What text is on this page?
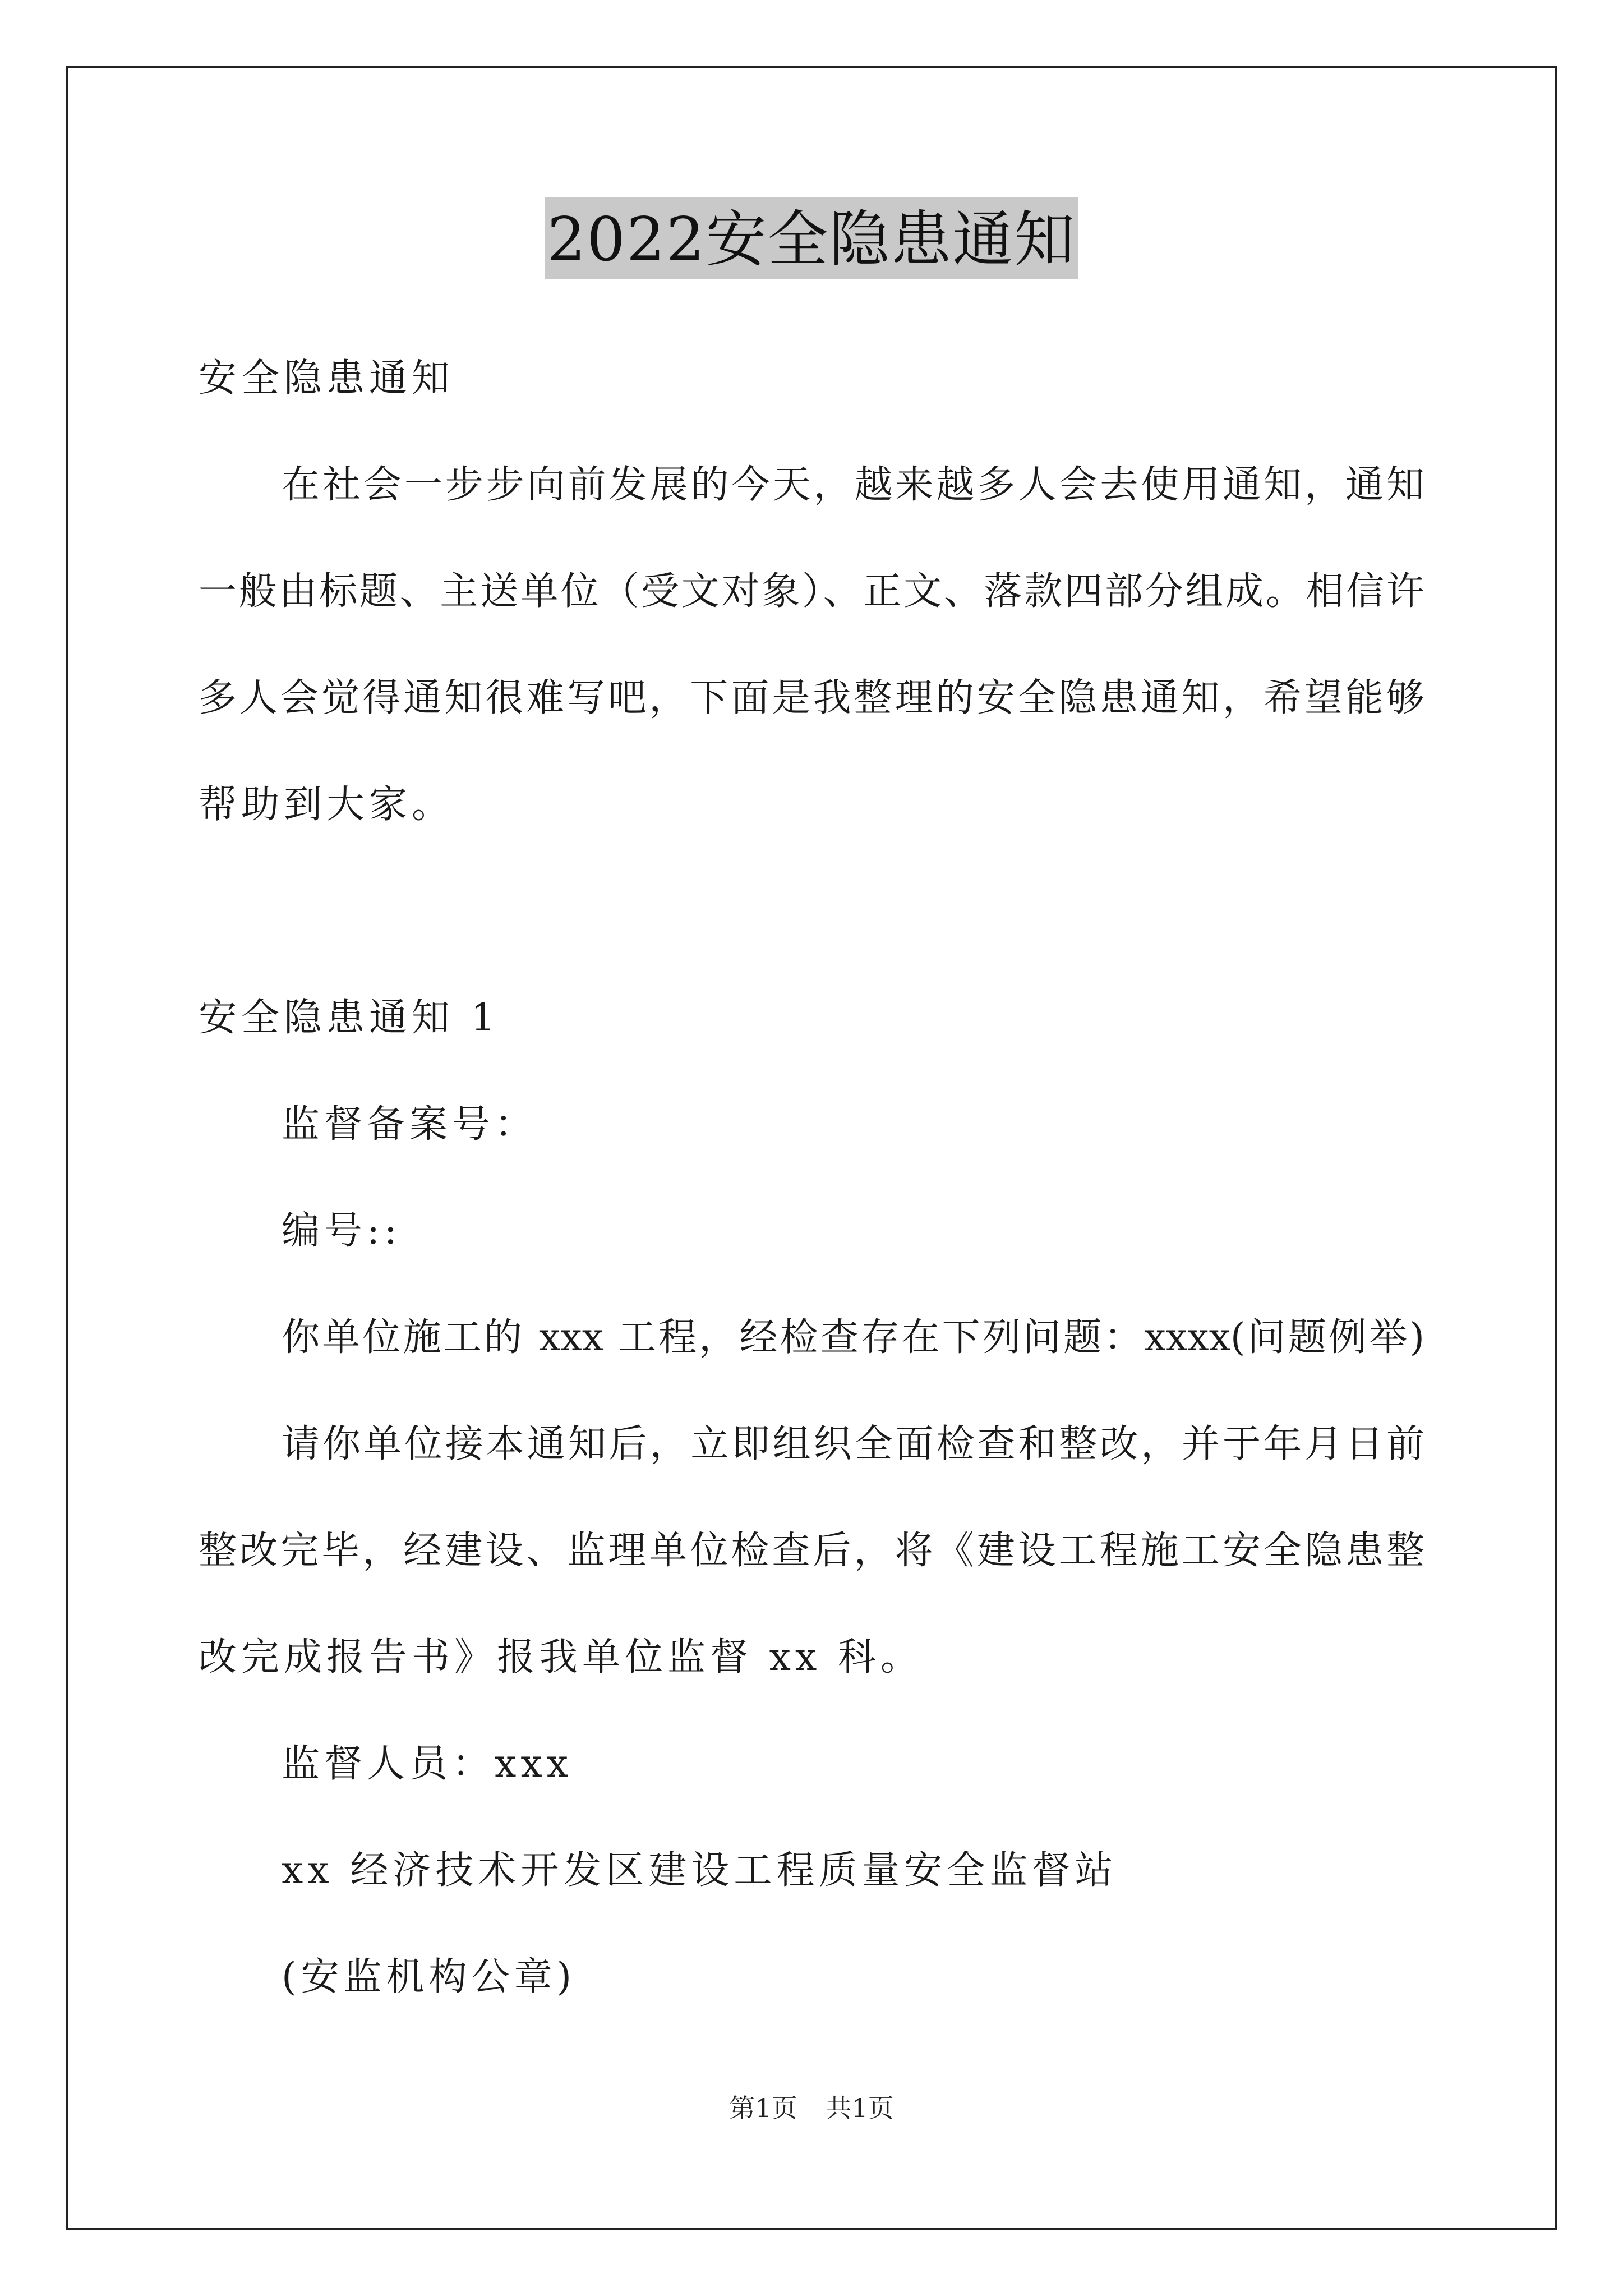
2022安全隐患通知
安全隐患通知
在社会一步步向前发展的今天，越来越多人会去使用通知，通知
一般由标题、主送单位（受文对象）、正文、落款四部分组成。相信许
多人会觉得通知很难写吧，下面是我整理的安全隐患通知，希望能够
帮助到大家。
安全隐患通知 1
监督备案号：
编号::
你单位施工的 xxx 工程，经检查存在下列问题：xxxx(问题例举)
请你单位接本通知后，立即组织全面检查和整改，并于年月日前
整改完毕，经建设、监理单位检查后，将《建设工程施工安全隐患整
改完成报告书》报我单位监督 xx 科。
监督人员：xxx
xx 经济技术开发区建设工程质量安全监督站
(安监机构公章)
第1页 共1页
